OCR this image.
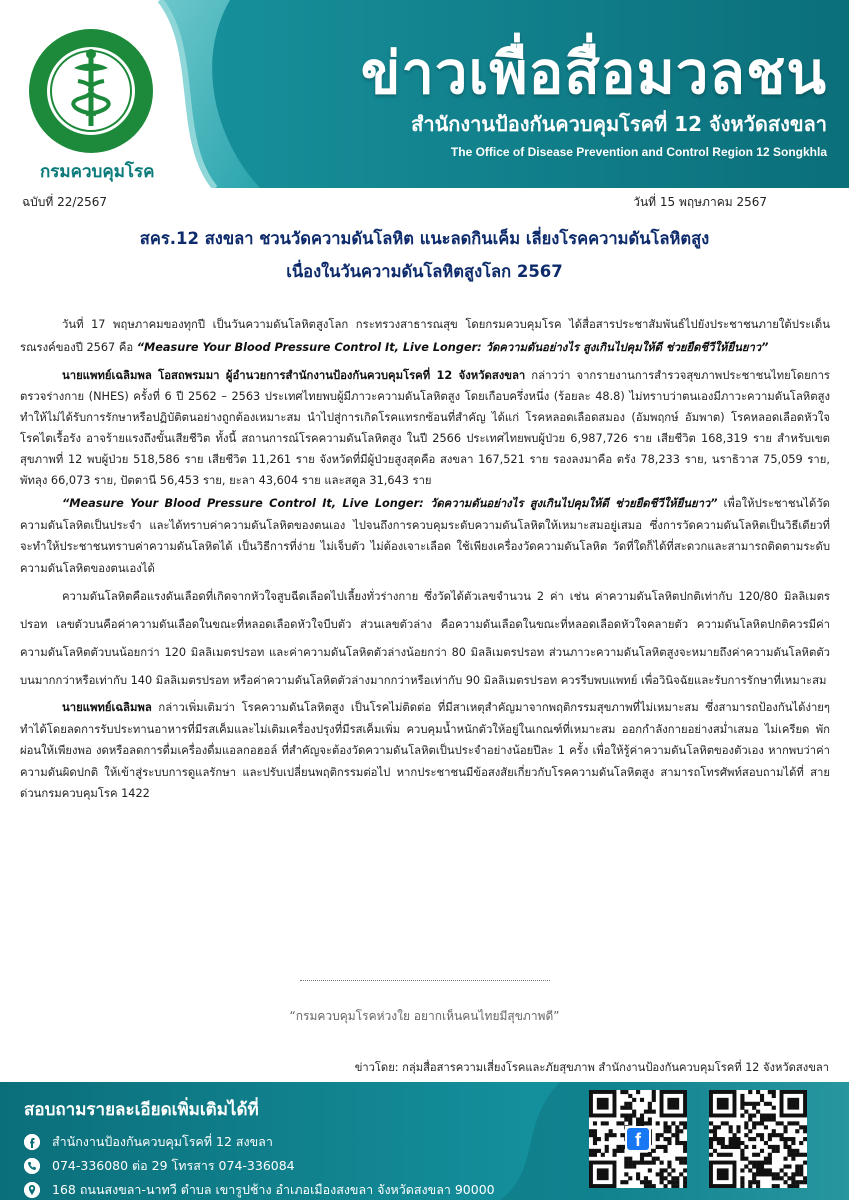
กรมควบคุมโรค
ข่าวเพื่อสื่อมวลชน
สำนักงานป้องกันควบคุมโรคที่ 12 จังหวัดสงขลา
The Office of Disease Prevention and Control Region 12 Songkhla
ฉบับที่ 22/2567	วันที่ 15 พฤษภาคม 2567
สคร.12 สงขลา ชวนวัดความดันโลหิต แนะลดกินเค็ม เลี่ยงโรคความดันโลหิตสูง
เนื่องในวันความดันโลหิตสูงโลก 2567

วันที่ 17 พฤษภาคมของทุกปี เป็นวันความดันโลหิตสูงโลก กระทรวงสาธารณสุข โดยกรมควบคุมโรค ได้สื่อสารประชาสัมพันธ์ไปยังประชาชนภายใต้ประเด็นรณรงค์ของปี 2567 คือ “Measure Your Blood Pressure Control It, Live Longer: วัดความดันอย่างไร สูงเกินไปคุมให้ดี ช่วยยืดชีวีให้ยืนยาว”

นายแพทย์เฉลิมพล โอสถพรมมา ผู้อำนวยการสำนักงานป้องกันควบคุมโรคที่ 12 จังหวัดสงขลา กล่าวว่า จากรายงานการสำรวจสุขภาพประชาชนไทยโดยการตรวจร่างกาย (NHES) ครั้งที่ 6 ปี 2562 – 2563 ประเทศไทยพบผู้มีภาวะความดันโลหิตสูง โดยเกือบครึ่งหนึ่ง (ร้อยละ 48.8) ไม่ทราบว่าตนเองมีภาวะความดันโลหิตสูง ทำให้ไม่ได้รับการรักษาหรือปฏิบัติตนอย่างถูกต้องเหมาะสม นำไปสู่การเกิดโรคแทรกซ้อนที่สำคัญ ได้แก่ โรคหลอดเลือดสมอง (อัมพฤกษ์ อัมพาต) โรคหลอดเลือดหัวใจ โรคไตเรื้อรัง อาจร้ายแรงถึงขั้นเสียชีวิต ทั้งนี้ สถานการณ์โรคความดันโลหิตสูง ในปี 2566 ประเทศไทยพบผู้ป่วย 6,987,726 ราย เสียชีวิต 168,319 ราย สำหรับเขตสุขภาพที่ 12 พบผู้ป่วย 518,586 ราย เสียชีวิต 11,261 ราย จังหวัดที่มีผู้ป่วยสูงสุดคือ สงขลา 167,521 ราย รองลงมาคือ ตรัง 78,233 ราย, นราธิวาส 75,059 ราย, พัทลุง 66,073 ราย, ปัตตานี 56,453 ราย, ยะลา 43,604 ราย และสตูล 31,643 ราย

“Measure Your Blood Pressure Control It, Live Longer: วัดความดันอย่างไร สูงเกินไปคุมให้ดี ช่วยยืดชีวีให้ยืนยาว” เพื่อให้ประชาชนได้วัดความดันโลหิตเป็นประจำ และได้ทราบค่าความดันโลหิตของตนเอง ไปจนถึงการควบคุมระดับความดันโลหิตให้เหมาะสมอยู่เสมอ ซึ่งการวัดความดันโลหิตเป็นวิธีเดียวที่จะทำให้ประชาชนทราบค่าความดันโลหิตได้ เป็นวิธีการที่ง่าย ไม่เจ็บตัว ไม่ต้องเจาะเลือด ใช้เพียงเครื่องวัดความดันโลหิต วัดที่ใดก็ได้ที่สะดวกและสามารถติดตามระดับความดันโลหิตของตนเองได้

ความดันโลหิตคือแรงดันเลือดที่เกิดจากหัวใจสูบฉีดเลือดไปเลี้ยงทั่วร่างกาย ซึ่งวัดได้ตัวเลขจำนวน 2 ค่า เช่น ค่าความดันโลหิตปกติเท่ากับ 120/80 มิลลิเมตรปรอท เลขตัวบนคือค่าความดันเลือดในขณะที่หลอดเลือดหัวใจบีบตัว ส่วนเลขตัวล่าง คือความดันเลือดในขณะที่หลอดเลือดหัวใจคลายตัว ความดันโลหิตปกติควรมีค่าความดันโลหิตตัวบนน้อยกว่า 120 มิลลิเมตรปรอท และค่าความดันโลหิตตัวล่างน้อยกว่า 80 มิลลิเมตรปรอท ส่วนภาวะความดันโลหิตสูงจะหมายถึงค่าความดันโลหิตตัวบนมากกว่าหรือเท่ากับ 140 มิลลิเมตรปรอท หรือค่าความดันโลหิตตัวล่างมากกว่าหรือเท่ากับ 90 มิลลิเมตรปรอท ควรรีบพบแพทย์ เพื่อวินิจฉัยและรับการรักษาที่เหมาะสม

นายแพทย์เฉลิมพล กล่าวเพิ่มเติมว่า โรคความดันโลหิตสูง เป็นโรคไม่ติดต่อ ที่มีสาเหตุสำคัญมาจากพฤติกรรมสุขภาพที่ไม่เหมาะสม ซึ่งสามารถป้องกันได้ง่ายๆ ทำได้โดยลดการรับประทานอาหารที่มีรสเค็มและไม่เติมเครื่องปรุงที่มีรสเค็มเพิ่ม ควบคุมน้ำหนักตัวให้อยู่ในเกณฑ์ที่เหมาะสม ออกกำลังกายอย่างสม่ำเสมอ ไม่เครียด พักผ่อนให้เพียงพอ งดหรือลดการดื่มเครื่องดื่มแอลกอฮอล์ ที่สำคัญจะต้องวัดความดันโลหิตเป็นประจำอย่างน้อยปีละ 1 ครั้ง เพื่อให้รู้ค่าความดันโลหิตของตัวเอง หากพบว่าค่าความดันผิดปกติ ให้เข้าสู่ระบบการดูแลรักษา และปรับเปลี่ยนพฤติกรรมต่อไป หากประชาชนมีข้อสงสัยเกี่ยวกับโรคความดันโลหิตสูง สามารถโทรศัพท์สอบถามได้ที่ สายด่วนกรมควบคุมโรค 1422

“กรมควบคุมโรคห่วงใย อยากเห็นคนไทยมีสุขภาพดี”
ข่าวโดย: กลุ่มสื่อสารความเสี่ยงโรคและภัยสุขภาพ สำนักงานป้องกันควบคุมโรคที่ 12 จังหวัดสงขลา
สอบถามรายละเอียดเพิ่มเติมได้ที่
สำนักงานป้องกันควบคุมโรคที่ 12 สงขลา
074-336080 ต่อ 29 โทรสาร 074-336084
168 ถนนสงขลา-นาทวี ตำบล เขารูปช้าง อำเภอเมืองสงขลา จังหวัดสงขลา 90000
f
